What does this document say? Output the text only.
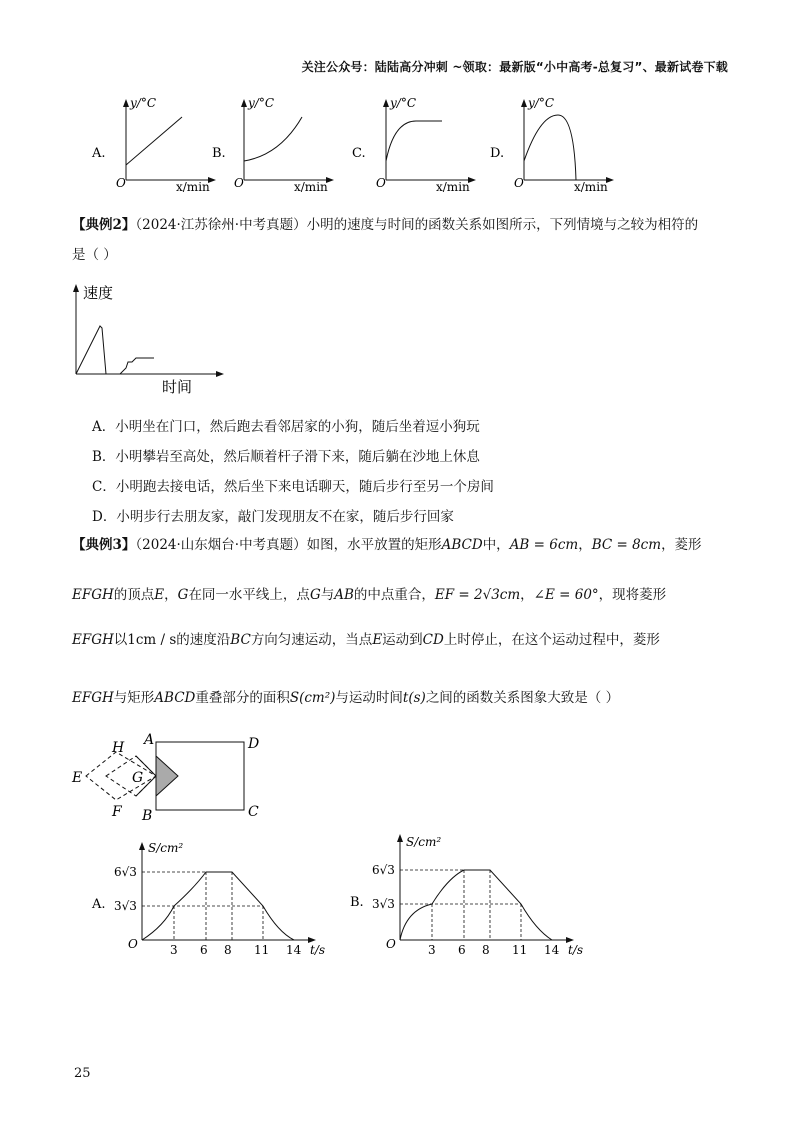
关注公众号：陆陆高分冲刺 ~领取：最新版“小中高考-总复习”、最新试卷下载
A.
y/°C
O	x/min
B.
y/°C
O	x/min
C.
y/°C
O	x/min
D.
y/°C
O	x/min
【典例2】（2024·江苏徐州·中考真题）小明的速度与时间的函数关系如图所示，下列情境与之较为相符的
是（ ）
速度
时间
A．小明坐在门口，然后跑去看邻居家的小狗，随后坐着逗小狗玩
B．小明攀岩至高处，然后顺着杆子滑下来，随后躺在沙地上休息
C．小明跑去接电话，然后坐下来电话聊天，随后步行至另一个房间
D．小明步行去朋友家，敲门发现朋友不在家，随后步行回家
【典例3】（2024·山东烟台·中考真题）如图，水平放置的矩形ABCD中，AB = 6cm，BC = 8cm，菱形
EFGH的顶点E，G在同一水平线上，点G与AB的中点重合，EF = 2√3cm，∠E = 60°，现将菱形
EFGH以1cm / s的速度沿BC方向匀速运动，当点E运动到CD上时停止，在这个运动过程中，菱形
EFGH与矩形ABCD重叠部分的面积S(cm²)与运动时间t(s)之间的函数关系图象大致是（ ）
A
B	C
D
E
F
G
H
A.
S/cm²
t/s
O
6√3
3√3
3 6 8 11 14
B.
S/cm²
t/s
O
6√3
3√3
3 6 8 11 14
25
